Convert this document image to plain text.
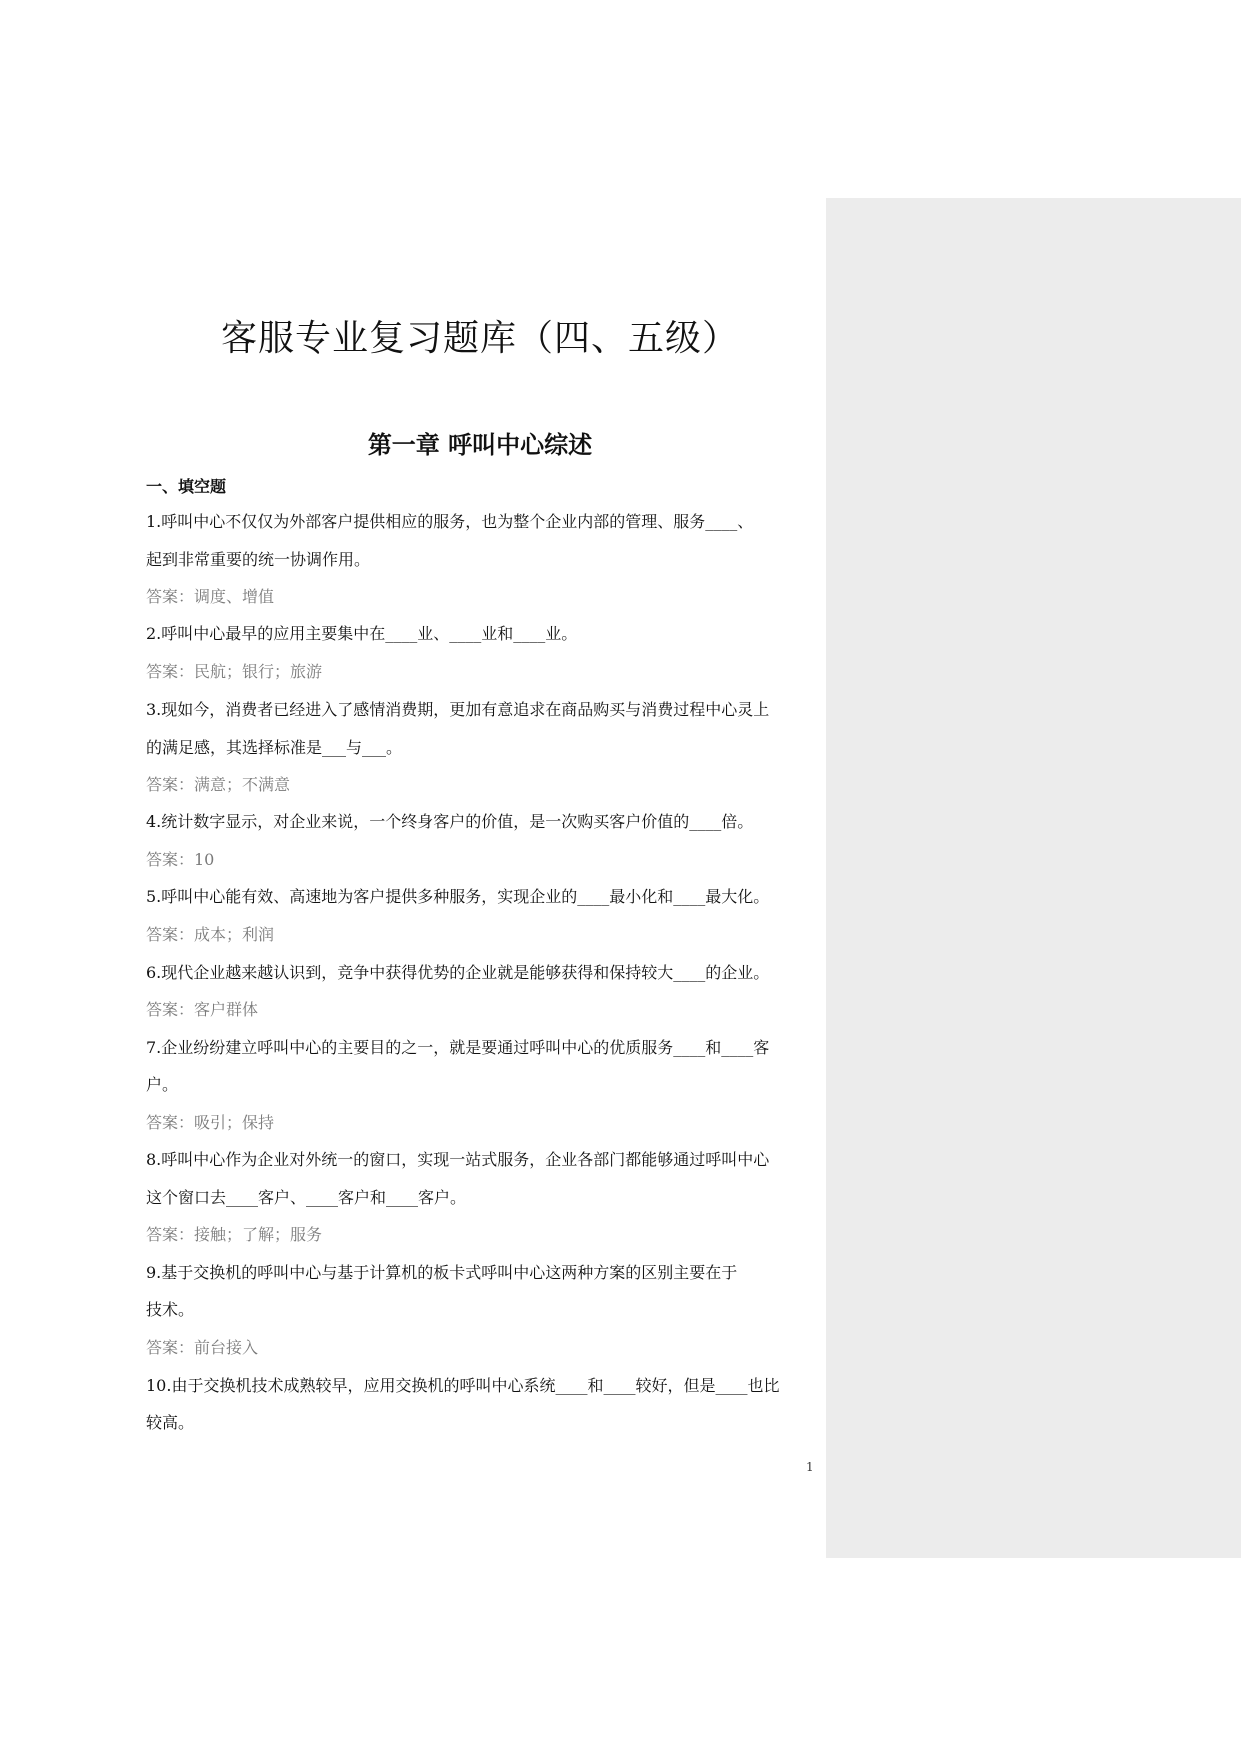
客服专业复习题库（四、五级）
第一章 呼叫中心综述

一、填空题

1.呼叫中心不仅仅为外部客户提供相应的服务，也为整个企业内部的管理、服务____、
起到非常重要的统一协调作用。
答案：调度、增值
2.呼叫中心最早的应用主要集中在____业、____业和____业。
答案：民航；银行；旅游
3.现如今，消费者已经进入了感情消费期，更加有意追求在商品购买与消费过程中心灵上
的满足感，其选择标准是___与___。
答案：满意；不满意
4.统计数字显示，对企业来说，一个终身客户的价值，是一次购买客户价值的____倍。
答案：10
5.呼叫中心能有效、高速地为客户提供多种服务，实现企业的____最小化和____最大化。
答案：成本；利润
6.现代企业越来越认识到，竞争中获得优势的企业就是能够获得和保持较大____的企业。
答案：客户群体
7.企业纷纷建立呼叫中心的主要目的之一，就是要通过呼叫中心的优质服务____和____客
户。
答案：吸引；保持
8.呼叫中心作为企业对外统一的窗口，实现一站式服务，企业各部门都能够通过呼叫中心
这个窗口去____客户、____客户和____客户。
答案：接触；了解；服务
9.基于交换机的呼叫中心与基于计算机的板卡式呼叫中心这两种方案的区别主要在于
技术。
答案：前台接入
10.由于交换机技术成熟较早，应用交换机的呼叫中心系统____和____较好，但是____也比
较高。
1
